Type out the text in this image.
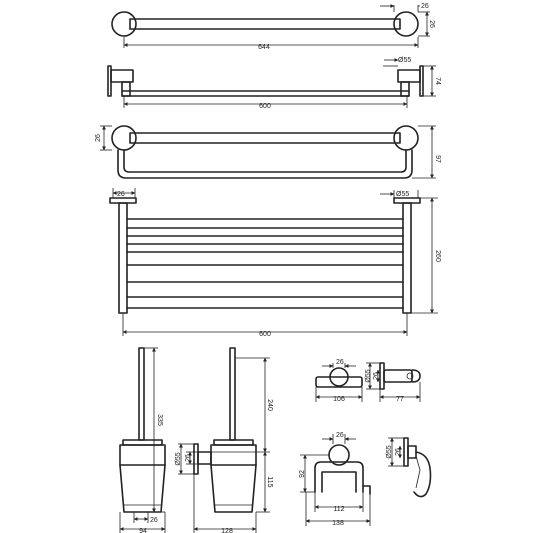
644
26
26
600
Ø55
74
26
97
26	Ø55
260
600
335
26
94
Ø55 26
240
115
128
26
106
Ø55 26
77
26
92
112
138
Ø55 26
